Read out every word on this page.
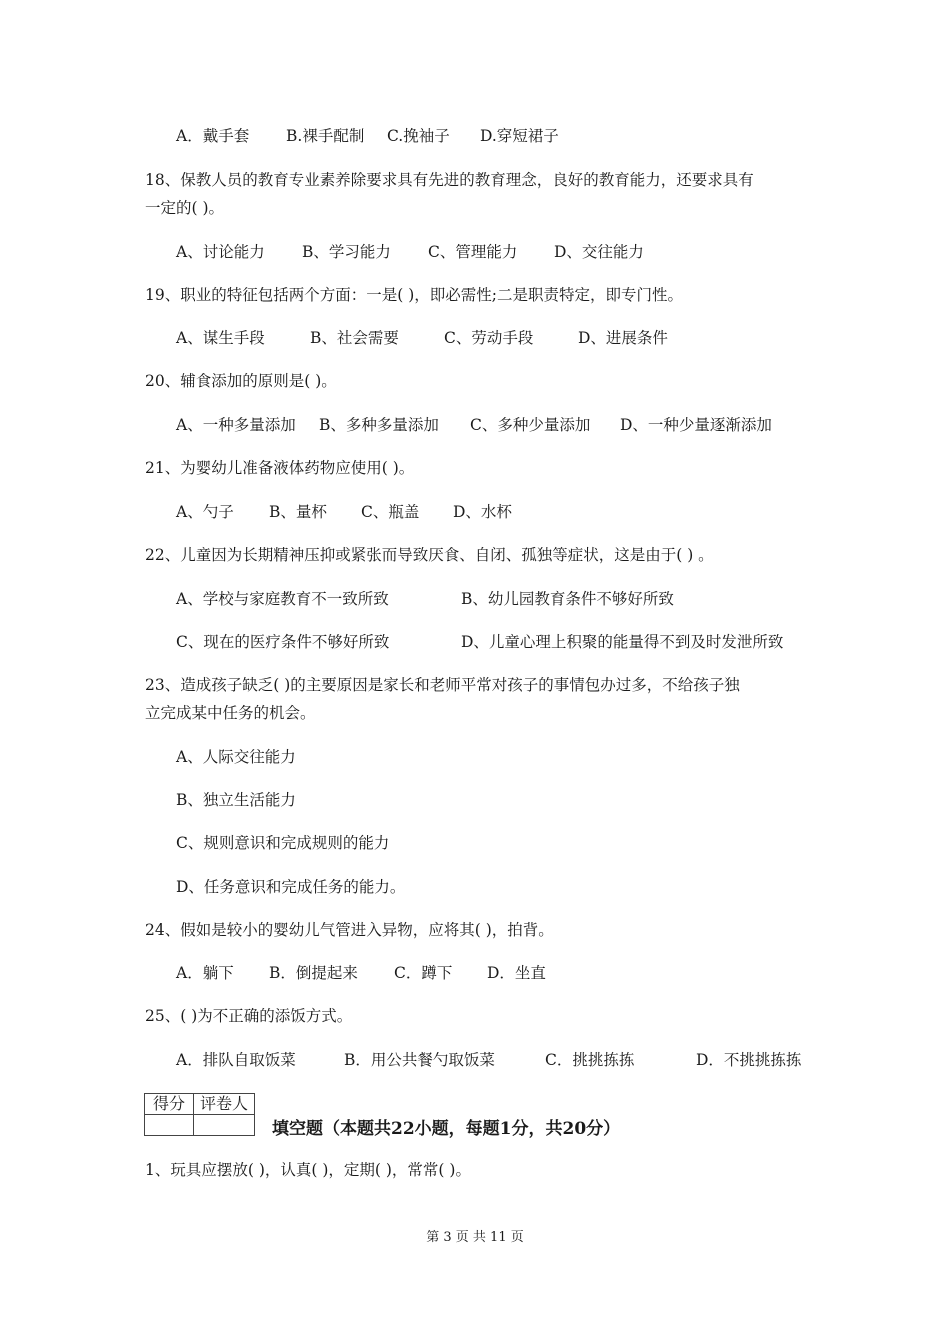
A．戴手套 B.裸手配制 C.挽袖子 D.穿短裙子
18、保教人员的教育专业素养除要求具有先进的教育理念，良好的教育能力，还要求具有
一定的( )。
A、讨论能力 B、学习能力 C、管理能力 D、交往能力
19、职业的特征包括两个方面：一是( )，即必需性;二是职责特定，即专门性。
A、谋生手段	B、社会需要	C、劳动手段	D、进展条件
20、辅食添加的原则是( )。
A、一种多量添加 B、多种多量添加 C、多种少量添加 D、一种少量逐渐添加
21、为婴幼儿准备液体药物应使用( )。
A、勺子 B、量杯 C、瓶盖 D、水杯
22、儿童因为长期精神压抑或紧张而导致厌食、自闭、孤独等症状，这是由于( ) 。
A、学校与家庭教育不一致所致	B、幼儿园教育条件不够好所致
C、现在的医疗条件不够好所致	D、儿童心理上积聚的能量得不到及时发泄所致
23、造成孩子缺乏( )的主要原因是家长和老师平常对孩子的事情包办过多，不给孩子独
立完成某中任务的机会。
A、人际交往能力
B、独立生活能力
C、规则意识和完成规则的能力
D、任务意识和完成任务的能力。
24、假如是较小的婴幼儿气管进入异物，应将其( )，拍背。
A．躺下 B．倒提起来 C．蹲下 D．坐直
25、( )为不正确的添饭方式。
A．排队自取饭菜	B．用公共餐勺取饭菜	C．挑挑拣拣	D．不挑挑拣拣
得分	评卷人

填空题（本题共22小题，每题1分，共20分）
1、玩具应摆放( )，认真( )，定期( )，常常( )。
第 3 页 共 11 页
